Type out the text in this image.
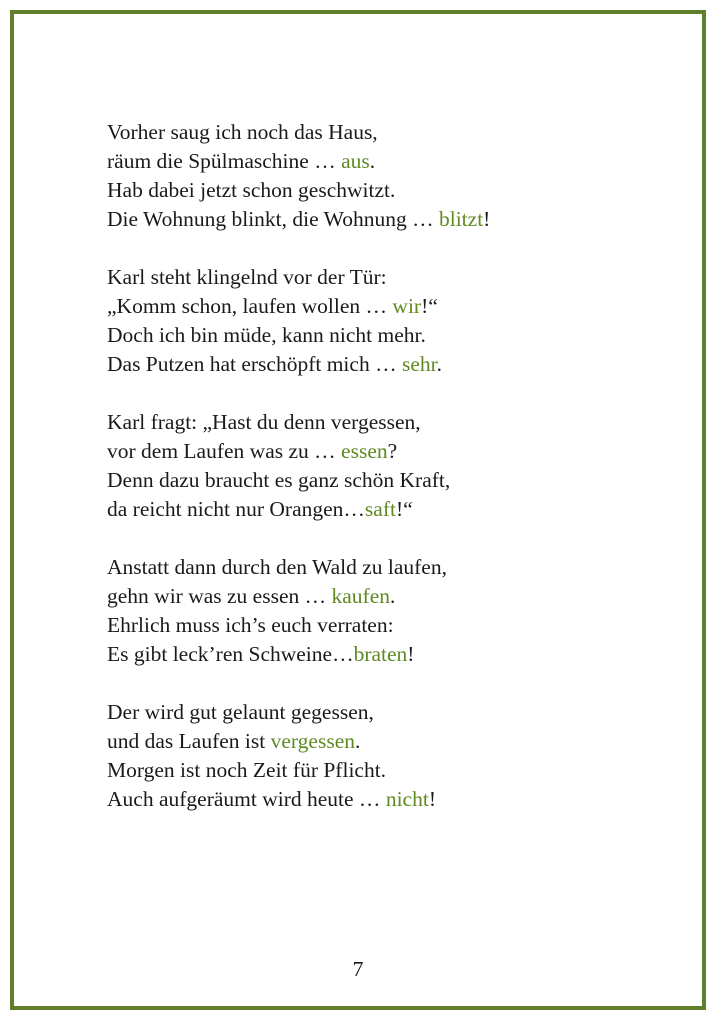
Vorher saug ich noch das Haus,
räum die Spülmaschine … aus.
Hab dabei jetzt schon geschwitzt.
Die Wohnung blinkt, die Wohnung … blitzt!
Karl steht klingelnd vor der Tür:
„Komm schon, laufen wollen … wir!“
Doch ich bin müde, kann nicht mehr.
Das Putzen hat erschöpft mich … sehr.
Karl fragt: „Hast du denn vergessen,
vor dem Laufen was zu … essen?
Denn dazu braucht es ganz schön Kraft,
da reicht nicht nur Orangen…saft!“
Anstatt dann durch den Wald zu laufen,
gehn wir was zu essen … kaufen.
Ehrlich muss ich’s euch verraten:
Es gibt leck’ren Schweine…braten!
Der wird gut gelaunt gegessen,
und das Laufen ist vergessen.
Morgen ist noch Zeit für Pflicht.
Auch aufgeräumt wird heute … nicht!
7
